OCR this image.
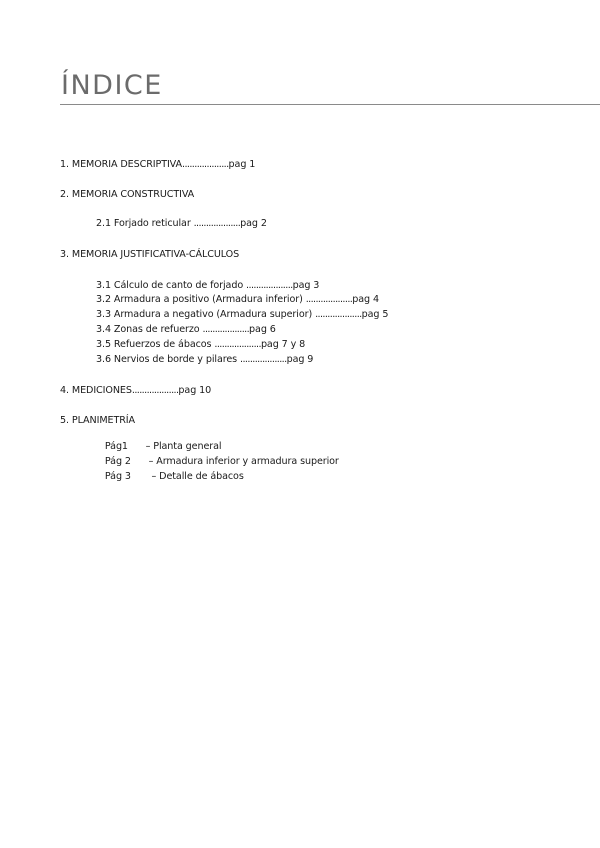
ÍNDICE
1. MEMORIA DESCRIPTIVA...................pag 1
2. MEMORIA CONSTRUCTIVA
2.1 Forjado reticular ...................pag 2
3. MEMORIA JUSTIFICATIVA-CÁLCULOS
3.1 Cálculo de canto de forjado ...................pag 3
3.2 Armadura a positivo (Armadura inferior) ...................pag 4
3.3 Armadura a negativo (Armadura superior) ...................pag 5
3.4 Zonas de refuerzo ...................pag 6
3.5 Refuerzos de ábacos ...................pag 7 y 8
3.6 Nervios de borde y pilares ...................pag 9
4. MEDICIONES...................pag 10
5. PLANIMETRÍA

Pág1      – Planta general

Pág 2      – Armadura inferior y armadura superior

Pág 3       – Detalle de ábacos
